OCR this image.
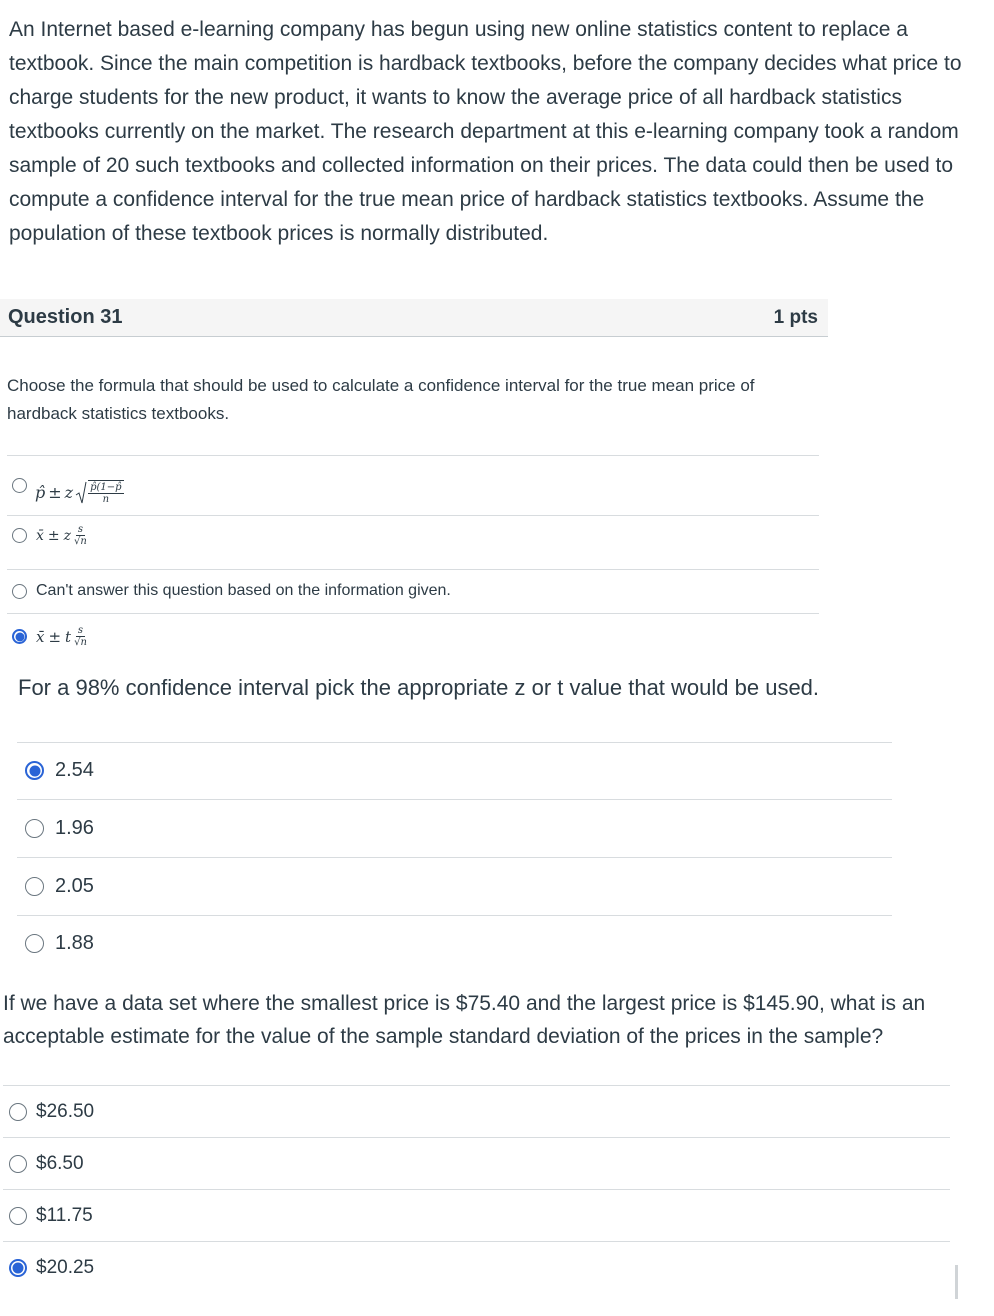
An Internet based e-learning company has begun using new online statistics content to replace a textbook. Since the main competition is hardback textbooks, before the company decides what price to charge students for the new product, it wants to know the average price of all hardback statistics textbooks currently on the market. The research department at this e-learning company took a random sample of 20 such textbooks and collected information on their prices. The data could then be used to compute a confidence interval for the true mean price of hardback statistics textbooks. Assume the population of these textbook prices is normally distributed.

Question 31	1 pts

Choose the formula that should be used to calculate a confidence interval for the true mean price of hardback statistics textbooks.

p̂ ± z $\frac{p̂(1-p̂}{n}$
x̄ ± z $\frac{s}{√n}$
Can't answer this question based on the information given.
x̄ ± t $\frac{s}{√n}$

For a 98% confidence interval pick the appropriate z or t value that would be used.

2.54
1.96
2.05
1.88

If we have a data set where the smallest price is $75.40 and the largest price is $145.90, what is an acceptable estimate for the value of the sample standard deviation of the prices in the sample?

$26.50
$6.50
$11.75
$20.25
